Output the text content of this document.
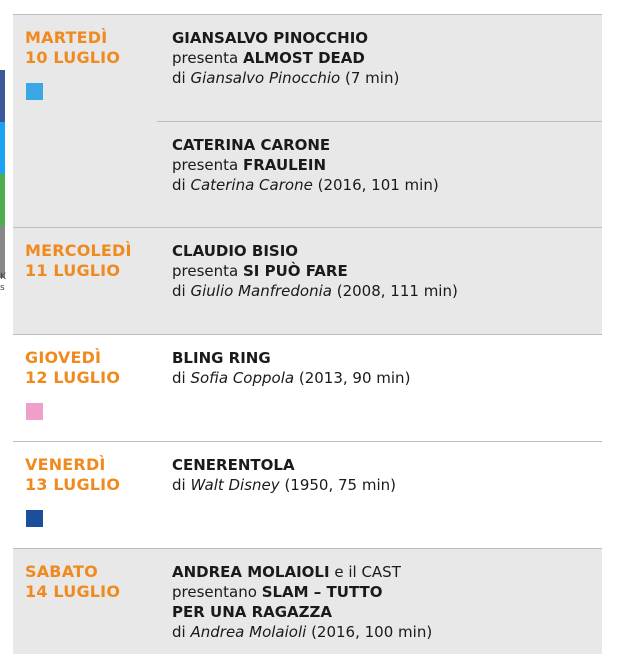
K
s
MARTEDÌ
10 LUGLIO
GIANSALVO PINOCCHIO
presenta ALMOST DEAD
di Giansalvo Pinocchio (7 min)
CATERINA CARONE
presenta FRAULEIN
di Caterina Carone (2016, 101 min)
MERCOLEDÌ
11 LUGLIO
CLAUDIO BISIO
presenta SI PUÒ FARE
di Giulio Manfredonia (2008, 111 min)
GIOVEDÌ
12 LUGLIO
BLING RING
di Sofia Coppola (2013, 90 min)
VENERDÌ
13 LUGLIO
CENERENTOLA
di Walt Disney (1950, 75 min)
SABATO
14 LUGLIO
ANDREA MOLAIOLI e il CAST
presentano SLAM – TUTTO
PER UNA RAGAZZA
di Andrea Molaioli (2016, 100 min)
